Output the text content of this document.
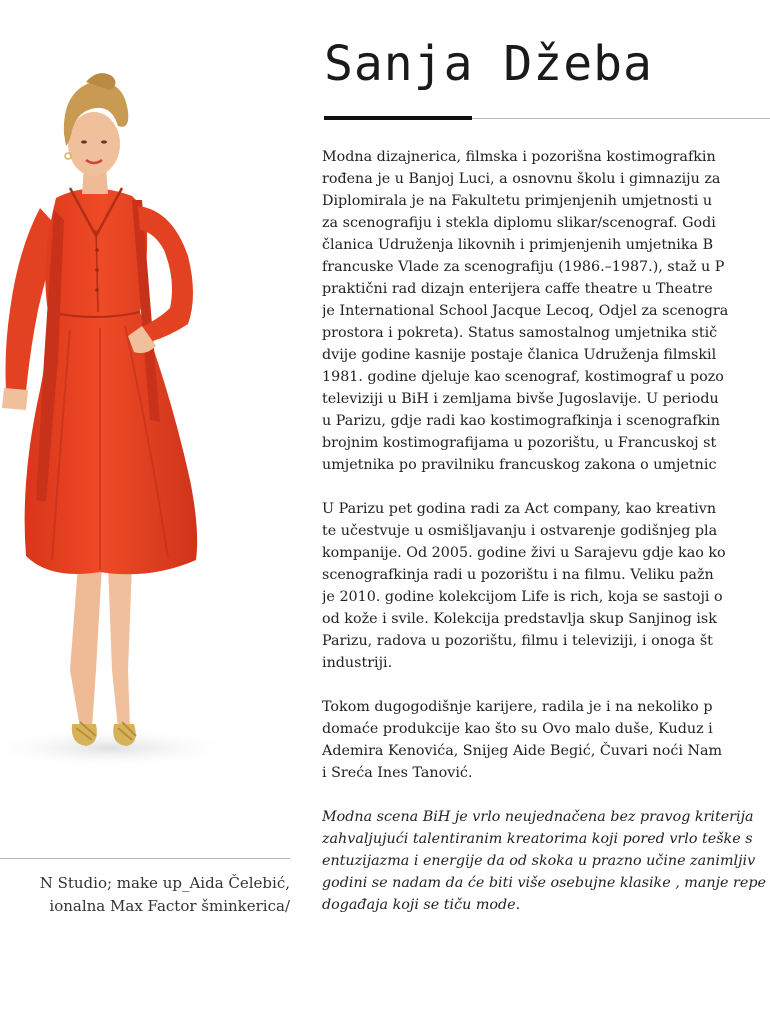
N Studio; make up_Aida Čelebić,
ionalna Max Factor šminkerica/
Sanja Džeba

Modna dizajnerica, filmska i pozorišna kostimografkin
rođena je u Banjoj Luci, a osnovnu školu i gimnaziju za
Diplomirala je na Fakultetu primjenjenih umjetnosti u
za scenografiju i stekla diplomu slikar/scenograf. Godi
članica Udruženja likovnih i primjenjenih umjetnika B
francuske Vlade za scenografiju (1986.–1987.), staž u P
praktični rad dizajn enterijera caffe theatre u Theatre
je International School Jacque Lecoq, Odjel za scenogra
prostora i pokreta). Status samostalnog umjetnika stič
dvije godine kasnije postaje članica Udruženja filmskil
1981. godine djeluje kao scenograf, kostimograf u pozo
televiziji u BiH i zemljama bivše Jugoslavije. U periodu
u Parizu, gdje radi kao kostimografkinja i scenografkin
brojnim kostimografijama u pozorištu, u Francuskoj st
umjetnika po pravilniku francuskog zakona o umjetnic

U Parizu pet godina radi za Act company, kao kreativn
te učestvuje u osmišljavanju i ostvarenje godišnjeg pla
kompanije. Od 2005. godine živi u Sarajevu gdje kao ko
scenografkinja radi u pozorištu i na filmu. Veliku pažn
je 2010. godine kolekcijom Life is rich, koja se sastoji o
od kože i svile. Kolekcija predstavlja skup Sanjinog isk
Parizu, radova u pozorištu, filmu i televiziji, i onoga št
industriji.

Tokom dugogodišnje karijere, radila je i na nekoliko p
domaće produkcije kao što su Ovo malo duše, Kuduz i
Ademira Kenovića, Snijeg Aide Begić, Čuvari noći Nam
i Sreća Ines Tanović.

Modna scena BiH je vrlo neujednačena bez pravog kriterija
zahvaljujući talentiranim kreatorima koji pored vrlo teške s
entuzijazma i energije da od skoka u prazno učine zanimljiv
godini se nadam da će biti više osebujne klasike , manje repe
događaja koji se tiču mode.
